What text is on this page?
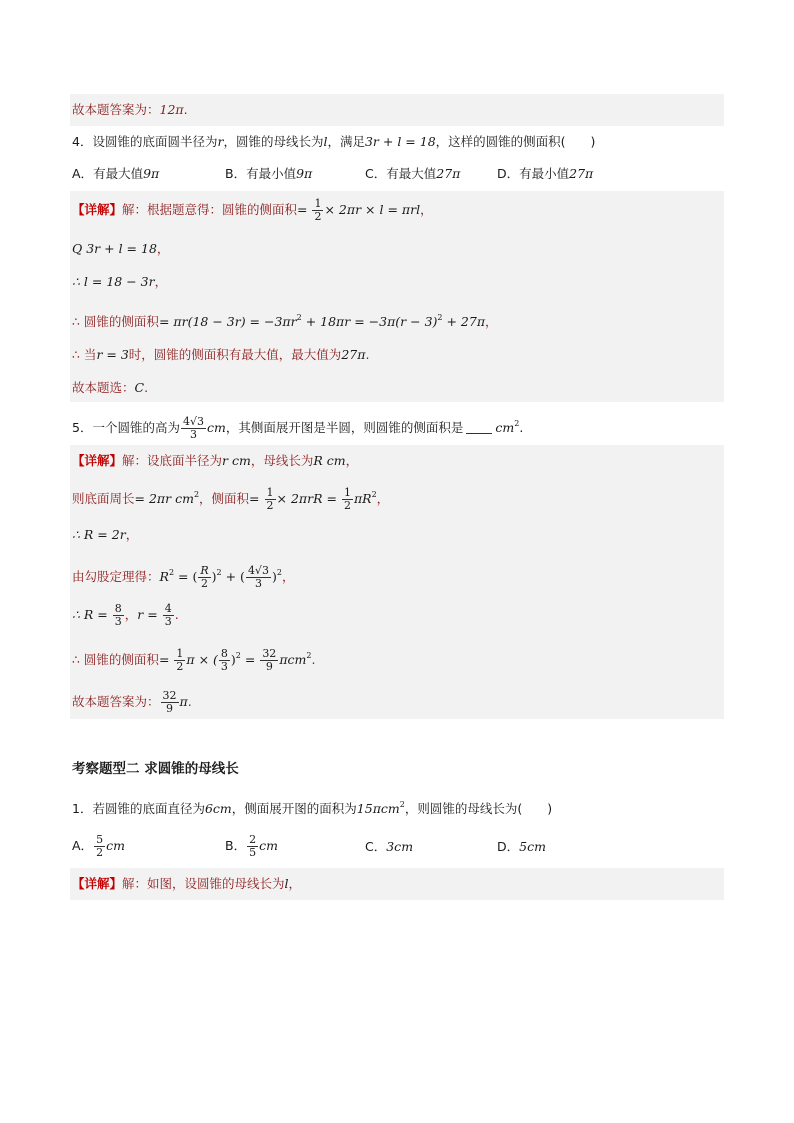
故本题答案为：12π.
4．设圆锥的底面圆半径为r，圆锥的母线长为l，满足3r + l = 18，这样的圆锥的侧面积(　　)
A．有最大值9π	B．有最小值9π	C．有最大值27π	D．有最小值27π
【详解】解：根据题意得：圆锥的侧面积= $\frac{1}{2} \times 2\pi r \times l = \pi rl$，
Q 3r + l = 18，
∴ l = 18 − 3r，
∴ 圆锥的侧面积= $\pi r(18 - 3r) = -3\pi r^2 + 18\pi r = -3\pi(r - 3)^2 + 27\pi$，
∴ 当r = 3时，圆锥的侧面积有最大值，最大值为27π.
故本题选：C.
5．一个圆锥的高为 $\frac{4√3}{3}$ cm，其侧面展开图是半圆，则圆锥的侧面积是	$cm^2$.
【详解】解：设底面半径为r cm，母线长为R cm，
则底面周长= 2πr $cm^2$，侧面积= $\frac{1}{2} \times 2\pi rR = \frac{1}{2} \pi R^2$，
∴ R = 2r，
由勾股定理得：$R^2$ = ( $\frac{R}{2} )^2$ + ( $\frac{4√3}{3} )^2$，
∴ $R = \frac{8}{3}$ ，$r = \frac{4}{3}$ .
∴ 圆锥的侧面积= $\frac{1}{2}$ π × ( $\frac{8}{3} )^2 = \frac{32}{9} \pi cm^2$.
故本题答案为： $\frac{32}{9} \pi$.
考察题型二 求圆锥的母线长
1．若圆锥的底面直径为6cm，侧面展开图的面积为15πcm$^2$，则圆锥的母线长为(　　)
A． $\frac{5}{2}$ cm	B． $\frac{2}{5}$ cm	C．3cm	D．5cm
【详解】解：如图，设圆锥的母线长为l，
